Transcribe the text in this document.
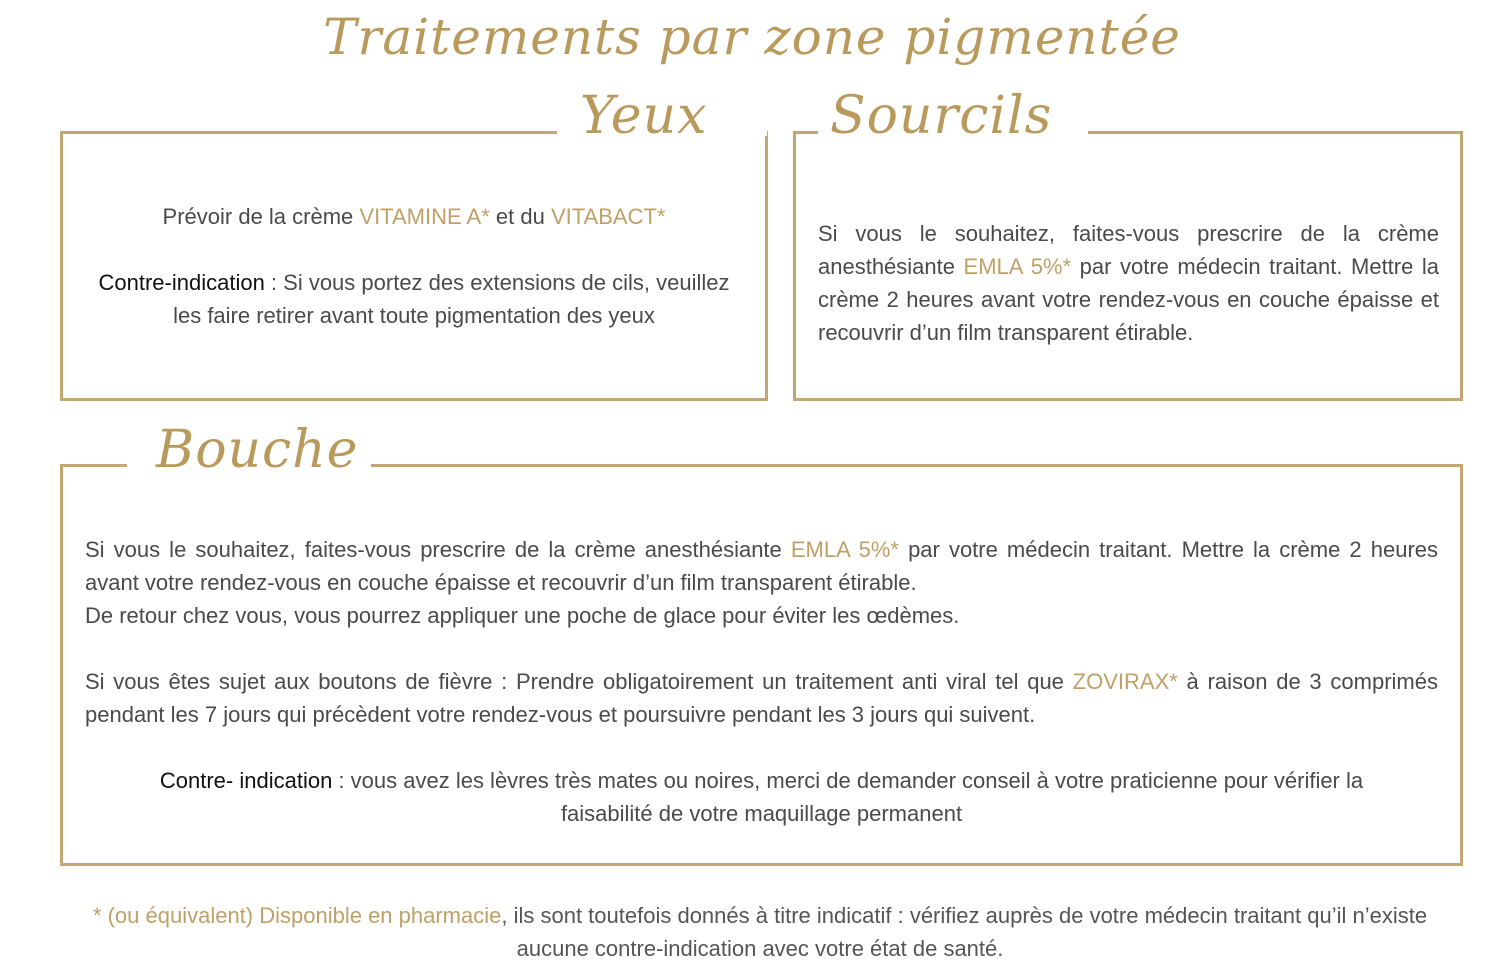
Traitements par zone pigmentée
Yeux

Prévoir de la crème VITAMINE A* et du VITABACT*

Contre-indication : Si vous portez des extensions de cils, veuillez les faire retirer avant toute pigmentation des yeux

Sourcils

Si vous le souhaitez, faites-vous prescrire de la crème anesthésiante EMLA 5%* par votre médecin traitant. Mettre la crème 2 heures avant votre rendez-vous en couche épaisse et recouvrir d’un film transparent étirable.

Bouche

Si vous le souhaitez, faites-vous prescrire de la crème anesthésiante EMLA 5%* par votre médecin traitant. Mettre la crème 2 heures avant votre rendez-vous en couche épaisse et recouvrir d’un film transparent étirable.

De retour chez vous, vous pourrez appliquer une poche de glace pour éviter les œdèmes.

Si vous êtes sujet aux boutons de fièvre : Prendre obligatoirement un traitement anti viral tel que ZOVIRAX* à raison de 3 comprimés pendant les 7 jours qui précèdent votre rendez-vous et poursuivre pendant les 3 jours qui suivent.

Contre- indication : vous avez les lèvres très mates ou noires, merci de demander conseil à votre praticienne pour vérifier la faisabilité de votre maquillage permanent

* (ou équivalent) Disponible en pharmacie, ils sont toutefois donnés à titre indicatif : vérifiez auprès de votre médecin traitant qu’il n’existe aucune contre-indication avec votre état de santé.
